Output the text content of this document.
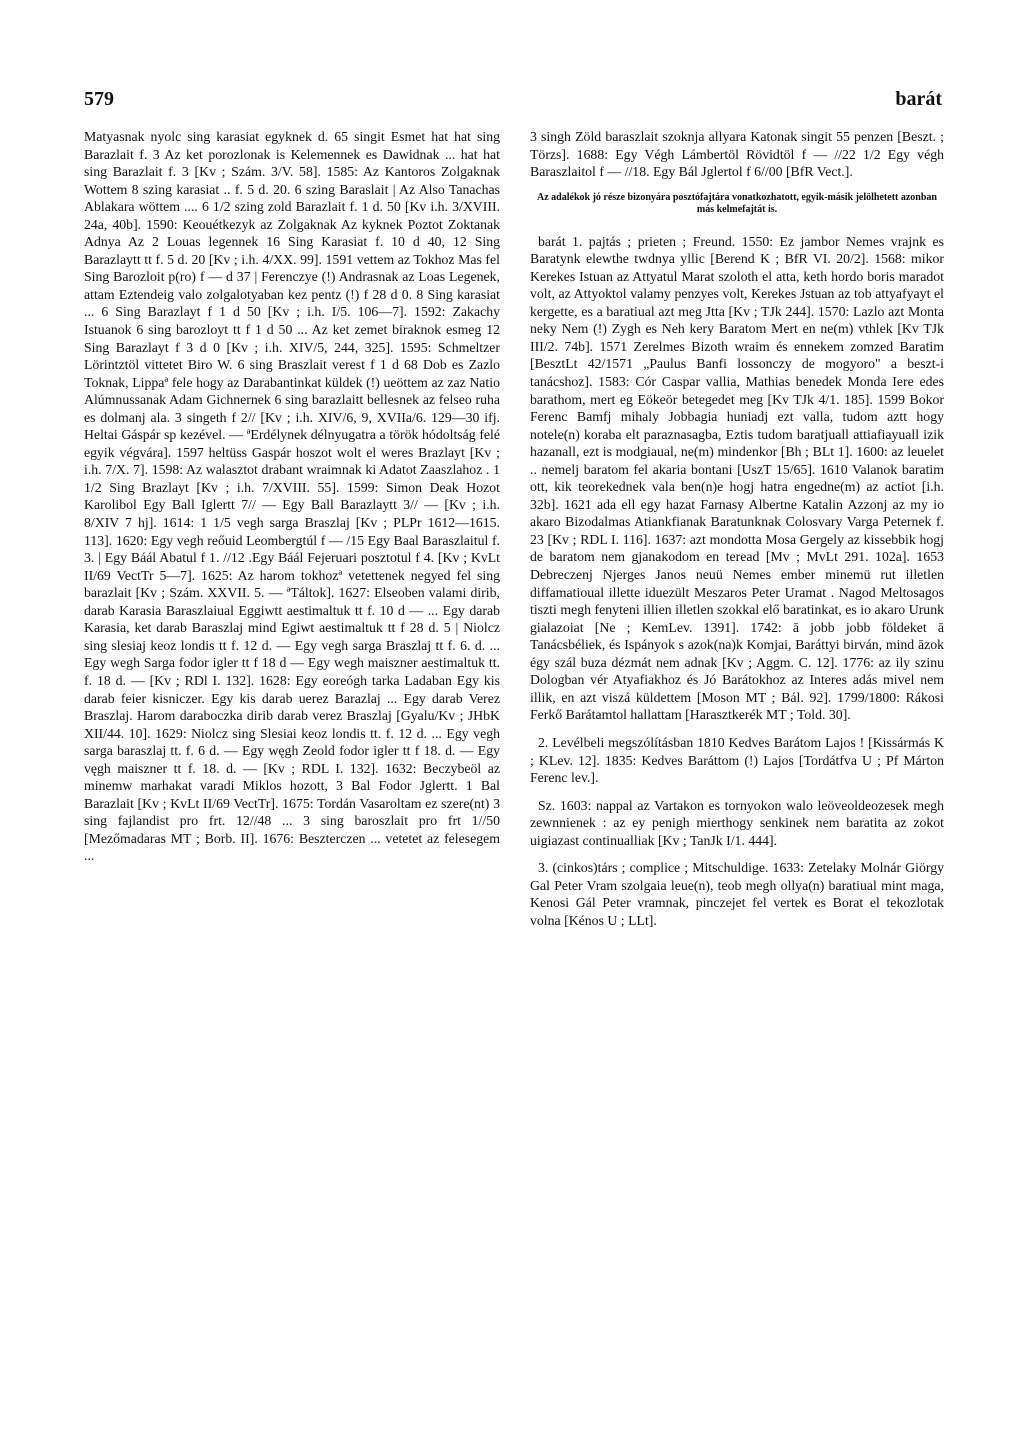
579	barát

Matyasnak nyolc sing karasiat egyknek d. 65 singit Esmet hat hat sing Barazlait f. 3 Az ket porozlonak is Kelemennek es Dawidnak ... hat hat sing Barazlait f. 3 [Kv ; Szám. 3/V. 58]. 1585: Az Kantoros Zolgaknak Wottem 8 szing karasiat .. f. 5 d. 20. 6 szing Baraslait | Az Also Tanachas Ablakara wöttem .... 6 1/2 szing zold Barazlait f. 1 d. 50 [Kv i.h. 3/XVIII. 24a, 40b]. 1590: Keouétkezyk az Zolgaknak Az kyknek Poztot Zoktanak Adnya Az 2 Louas legennek 16 Sing Karasiat f. 10 d 40, 12 Sing Barazlaytt tt f. 5 d. 20 [Kv ; i.h. 4/XX. 99]. 1591 vettem az Tokhoz Mas fel Sing Barozloit p(ro) f — d 37 | Ferenczye (!) Andrasnak az Loas Legenek, attam Eztendeig valo zolgalotyaban kez pentz (!) f 28 d 0. 8 Sing karasiat ... 6 Sing Barazlayt f 1 d 50 [Kv ; i.h. I/5. 106—7]. 1592: Zakachy Istuanok 6 sing barozloyt tt f 1 d 50 ... Az ket zemet biraknok esmeg 12 Sing Barazlayt f 3 d 0 [Kv ; i.h. XIV/5, 244, 325]. 1595: Schmeltzer Lörintztöl vittetet Biro W. 6 sing Braszlait verest f 1 d 68 Dob es Zazlo Toknak, Lippaª fele hogy az Darabantinkat küldek (!) ueöttem az zaz Natio Alúmnussanak Adam Gichnernek 6 sing barazlaitt bellesnek az felseo ruha es dolmanj ala. 3 singeth f 2// [Kv ; i.h. XIV/6, 9, XVIIa/6. 129—30 ifj. Heltai Gáspár sp kezével. — ªErdélynek délnyugatra a török hódoltság felé egyik végvára]. 1597 heltüss Gaspár hoszot wolt el weres Brazlayt [Kv ; i.h. 7/X. 7]. 1598: Az walasztot drabant wraimnak ki Adatot Zaaszlahoz . 1 1/2 Sing Brazlayt [Kv ; i.h. 7/XVIII. 55]. 1599: Simon Deak Hozot Karolibol Egy Ball Iglertt 7// — Egy Ball Barazlaytt 3// — [Kv ; i.h. 8/XIV 7 hj]. 1614: 1 1/5 vegh sarga Braszlaj [Kv ; PLPr 1612—1615. 113]. 1620: Egy vegh reőuid Leombergtúl f — /15 Egy Baal Baraszlaitul f. 3. | Egy Báál Abatul f 1. //12 .Egy Báál Fejeruari posztotul f 4. [Kv ; KvLt II/69 VectTr 5—7]. 1625: Az harom tokhozª vetettenek negyed fel sing barazlait [Kv ; Szám. XXVII. 5. — ªTáltok]. 1627: Elseoben valami dirib, darab Karasia Baraszlaiual Eggiwtt aestimaltuk tt f. 10 d — ... Egy darab Karasia, ket darab Baraszlaj mind Egiwt aestimaltuk tt f 28 d. 5 | Niolcz sing slesiaj keoz londis tt f. 12 d. — Egy vegh sarga Braszlaj tt f. 6. d. ... Egy wegh Sarga fodor igler tt f 18 d — Egy wegh maiszner aestimaltuk tt. f. 18 d. — [Kv ; RDl I. 132]. 1628: Egy eoreógh tarka Ladaban Egy kis darab feier kisniczer. Egy kis darab uerez Barazlaj ... Egy darab Verez Braszlaj. Harom daraboczka dirib darab verez Braszlaj [Gyalu/Kv ; JHbK XII/44. 10]. 1629: Niolcz sing Slesiai keoz londis tt. f. 12 d. ... Egy vegh sarga baraszlaj tt. f. 6 d. — Egy węgh Zeold fodor igler tt f 18. d. — Egy vęgh maiszner tt f. 18. d. — [Kv ; RDL I. 132]. 1632: Beczybeöl az minemw marhakat varadi Miklos hozott, 3 Bal Fodor Jglertt. 1 Bal Barazlait [Kv ; KvLt II/69 VectTr]. 1675: Tordán Vasaroltam ez szere(nt) 3 sing fajlandist pro frt. 12//48 ... 3 sing baroszlait pro frt 1//50 [Mezőmadaras MT ; Borb. II]. 1676: Beszterczen ... vetetet az felesegem ...

3 singh Zöld baraszlait szoknja allyara Katonak singit 55 penzen [Beszt. ; Törzs]. 1688: Egy Végh Lámbertöl Rövidtöl f — //22 1/2 Egy végh Baraszlaitol f — //18. Egy Bál Jglertol f 6//00 [BfR Vect.].

Az adalékok jó része bizonyára posztófajtára vonatkozhatott, egyik-másik jelölhetett azonban más kelmefajtát is.

barát 1. pajtás ; prieten ; Freund. 1550: Ez jambor Nemes vrajnk es Baratynk elewthe twdnya yllic [Berend K ; BfR VI. 20/2]. 1568: mikor Kerekes Istuan az Attyatul Marat szoloth el atta, keth hordo boris maradot volt, az Attyoktol valamy penzyes volt, Kerekes Jstuan az tob attyafyayt el kergette, es a baratiual azt meg Jtta [Kv ; TJk 244]. 1570: Lazlo azt Monta neky Nem (!) Zygh es Neh kery Baratom Mert en ne(m) vthlek [Kv TJk III/2. 74b]. 1571 Zerelmes Bizoth wraim és ennekem zomzed Baratim [BesztLt 42/1571 „Paulus Banfi lossonczy de mogyoro" a beszt-i tanácshoz]. 1583: Cór Caspar vallia, Mathias benedek Monda Iere edes barathom, mert eg Eökeör betegedet meg [Kv TJk 4/1. 185]. 1599 Bokor Ferenc Bamfj mihaly Jobbagia huniadj ezt valla, tudom aztt hogy notele(n) koraba elt paraznasagba, Eztis tudom baratjuall attiafiayuall izik hazanall, ezt is modgiaual, ne(m) mindenkor [Bh ; BLt 1]. 1600: az leuelet .. nemelj baratom fel akaria bontani [UszT 15/65]. 1610 Valanok baratim ott, kik teorekednek vala ben(n)e hogj hatra engedne(m) az actiot [i.h. 32b]. 1621 ada ell egy hazat Farnasy Albertne Katalin Azzonj az my io akaro Bizodalmas Atiankfianak Baratunknak Colosvary Varga Peternek f. 23 [Kv ; RDL I. 116]. 1637: azt mondotta Mosa Gergely az kissebbik hogj de baratom nem gjanakodom en teread [Mv ; MvLt 291. 102a]. 1653 Debreczenj Njerges Janos neuü Nemes ember minemü rut illetlen diffamatioual illette iduezült Meszaros Peter Uramat . Nagod Meltosagos tiszti megh fenyteni illien illetlen szokkal elő baratinkat, es io akaro Urunk gialazoiat [Ne ; KemLev. 1391]. 1742: ā jobb jobb földeket ā Tanácsbéliek, és Ispányok s azok(na)k Komjai, Baráttyi birván, mind āzok égy szál buza dézmát nem adnak [Kv ; Aggm. C. 12]. 1776: az ily szinu Dologban vér Atyafiakhoz és Jó Barátokhoz az Interes adás mivel nem illik, en azt viszá küldettem [Moson MT ; Bál. 92]. 1799/1800: Rákosi Ferkő Barátamtol hallattam [Harasztkerék MT ; Told. 30].

2. Levélbeli megszólításban 1810 Kedves Barátom Lajos ! [Kissármás K ; KLev. 12]. 1835: Kedves Baráttom (!) Lajos [Tordátfva U ; Pf Márton Ferenc lev.].

Sz. 1603: nappal az Vartakon es tornyokon walo leöveoldeozesek megh zewnnienek : az ey penigh mierthogy senkinek nem baratita az zokot uigiazast continualliak [Kv ; TanJk I/1. 444].

3. (cinkos)társ ; complice ; Mitschuldige. 1633: Zetelaky Molnár Giörgy Gal Peter Vram szolgaia leue(n), teob megh ollya(n) baratiual mint maga, Kenosi Gál Peter vramnak, pinczejet fel vertek es Borat el tekozlotak volna [Kénos U ; LLt].
